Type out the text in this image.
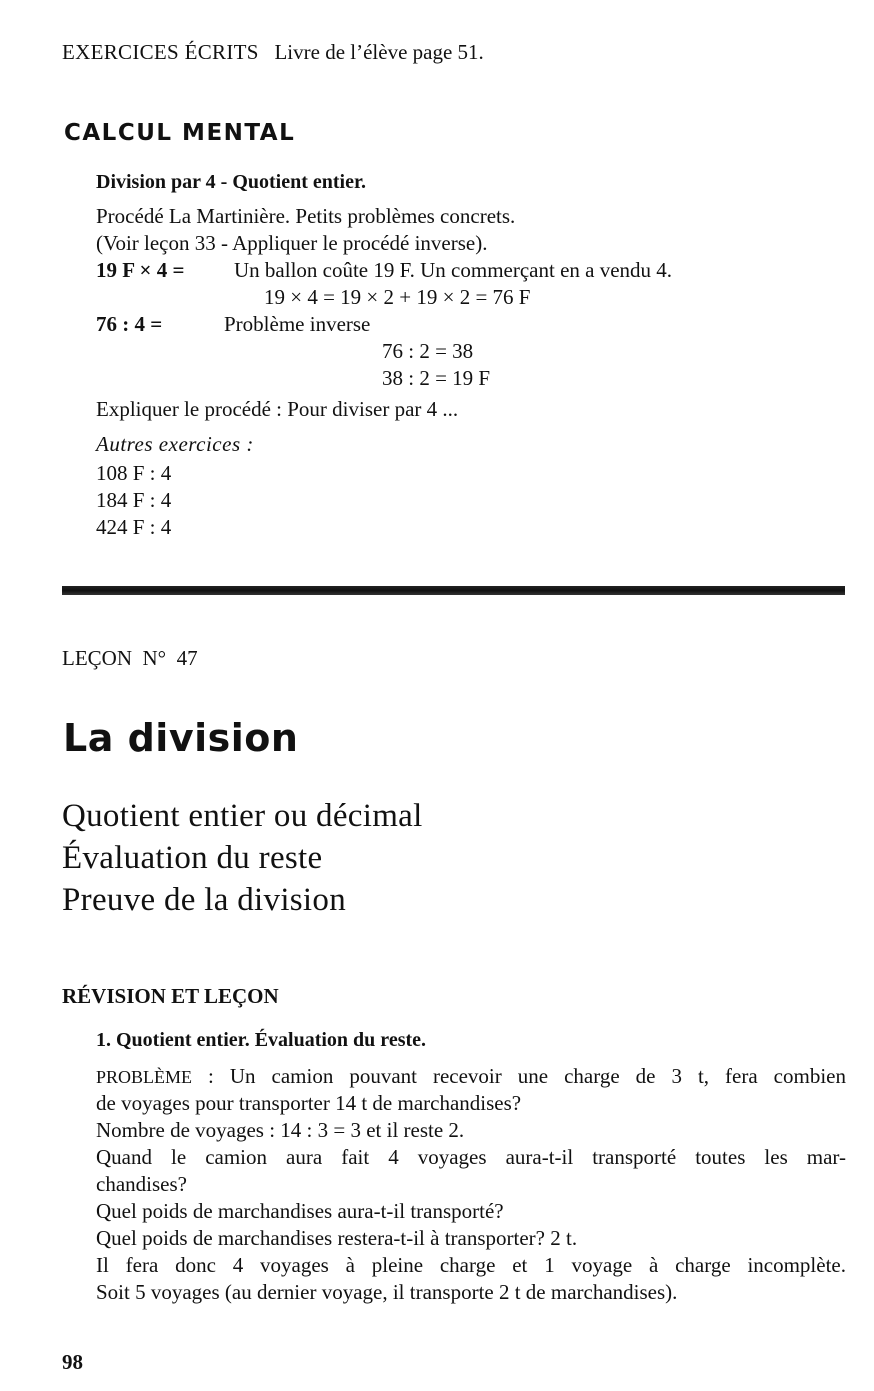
EXERCICES ÉCRITS Livre de l’élève page 51.
CALCUL MENTAL
Division par 4 - Quotient entier.
Procédé La Martinière. Petits problèmes concrets.
(Voir leçon 33 - Appliquer le procédé inverse).
19 F × 4 = Un ballon coûte 19 F. Un commerçant en a vendu 4.
19 × 4 = 19 × 2 + 19 × 2 = 76 F
76 : 4 =	Problème inverse
76 : 2 = 38
38 : 2 = 19 F
Expliquer le procédé : Pour diviser par 4 ...
Autres exercices :
108 F : 4
184 F : 4
424 F : 4
LEÇON N° 47
La division
Quotient entier ou décimal
Évaluation du reste
Preuve de la division
RÉVISION ET LEÇON
1. Quotient entier. Évaluation du reste.
PROBLÈME : Un camion pouvant recevoir une charge de 3 t, fera combien
de voyages pour transporter 14 t de marchandises?
Nombre de voyages : 14 : 3 = 3 et il reste 2.
Quand le camion aura fait 4 voyages aura-t-il transporté toutes les mar-
chandises?
Quel poids de marchandises aura-t-il transporté?
Quel poids de marchandises restera-t-il à transporter? 2 t.
Il fera donc 4 voyages à pleine charge et 1 voyage à charge incomplète.
Soit 5 voyages (au dernier voyage, il transporte 2 t de marchandises).
98
